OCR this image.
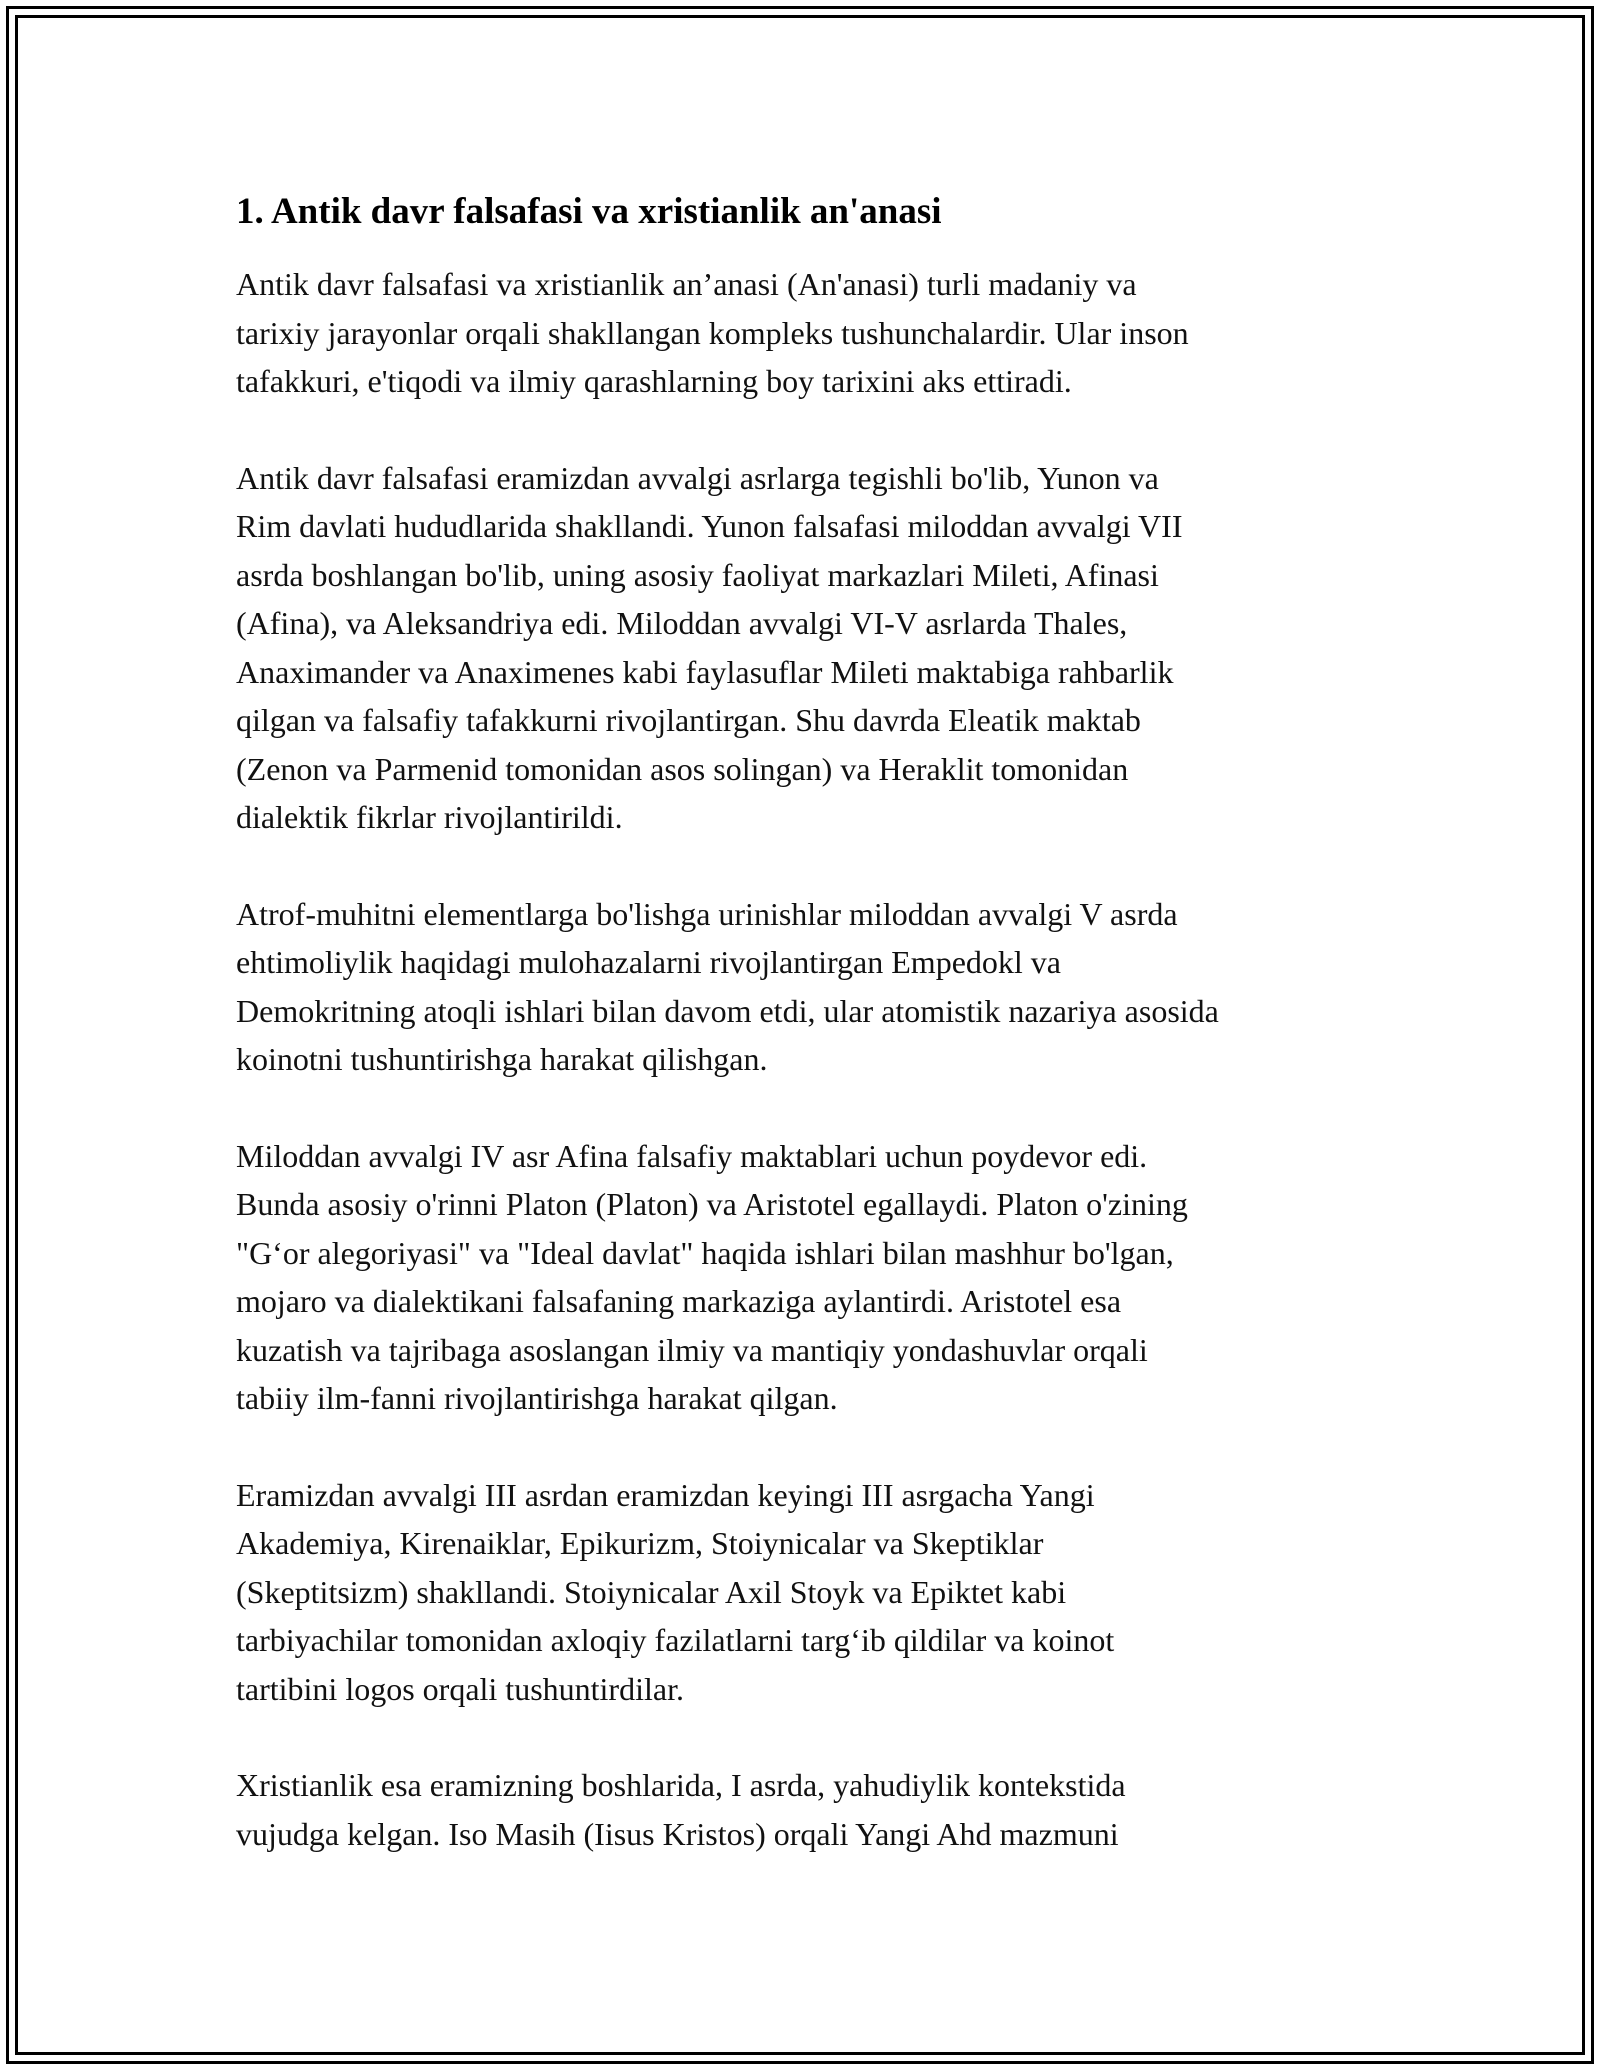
1. Antik davr falsafasi va xristianlik an'anasi
Antik davr falsafasi va xristianlik an’anasi (An'anasi) turli madaniy va
tarixiy jarayonlar orqali shakllangan kompleks tushunchalardir. Ular inson
tafakkuri, e'tiqodi va ilmiy qarashlarning boy tarixini aks ettiradi.
Antik davr falsafasi eramizdan avvalgi asrlarga tegishli bo'lib, Yunon va
Rim davlati hududlarida shakllandi. Yunon falsafasi miloddan avvalgi VII
asrda boshlangan bo'lib, uning asosiy faoliyat markazlari Mileti, Afinasi
(Afina), va Aleksandriya edi. Miloddan avvalgi VI-V asrlarda Thales,
Anaximander va Anaximenes kabi faylasuflar Mileti maktabiga rahbarlik
qilgan va falsafiy tafakkurni rivojlantirgan. Shu davrda Eleatik maktab
(Zenon va Parmenid tomonidan asos solingan) va Heraklit tomonidan
dialektik fikrlar rivojlantirildi.
Atrof-muhitni elementlarga bo'lishga urinishlar miloddan avvalgi V asrda
ehtimoliylik haqidagi mulohazalarni rivojlantirgan Empedokl va
Demokritning atoqli ishlari bilan davom etdi, ular atomistik nazariya asosida
koinotni tushuntirishga harakat qilishgan.
Miloddan avvalgi IV asr Afina falsafiy maktablari uchun poydevor edi.
Bunda asosiy o'rinni Platon (Platon) va Aristotel egallaydi. Platon o'zining
"G‘or alegoriyasi" va "Ideal davlat" haqida ishlari bilan mashhur bo'lgan,
mojaro va dialektikani falsafaning markaziga aylantirdi. Aristotel esa
kuzatish va tajribaga asoslangan ilmiy va mantiqiy yondashuvlar orqali
tabiiy ilm-fanni rivojlantirishga harakat qilgan.
Eramizdan avvalgi III asrdan eramizdan keyingi III asrgacha Yangi
Akademiya, Kirenaiklar, Epikurizm, Stoiynicalar va Skeptiklar
(Skeptitsizm) shakllandi. Stoiynicalar Axil Stoyk va Epiktet kabi
tarbiyachilar tomonidan axloqiy fazilatlarni targ‘ib qildilar va koinot
tartibini logos orqali tushuntirdilar.
Xristianlik esa eramizning boshlarida, I asrda, yahudiylik kontekstida
vujudga kelgan. Iso Masih (Iisus Kristos) orqali Yangi Ahd mazmuni
